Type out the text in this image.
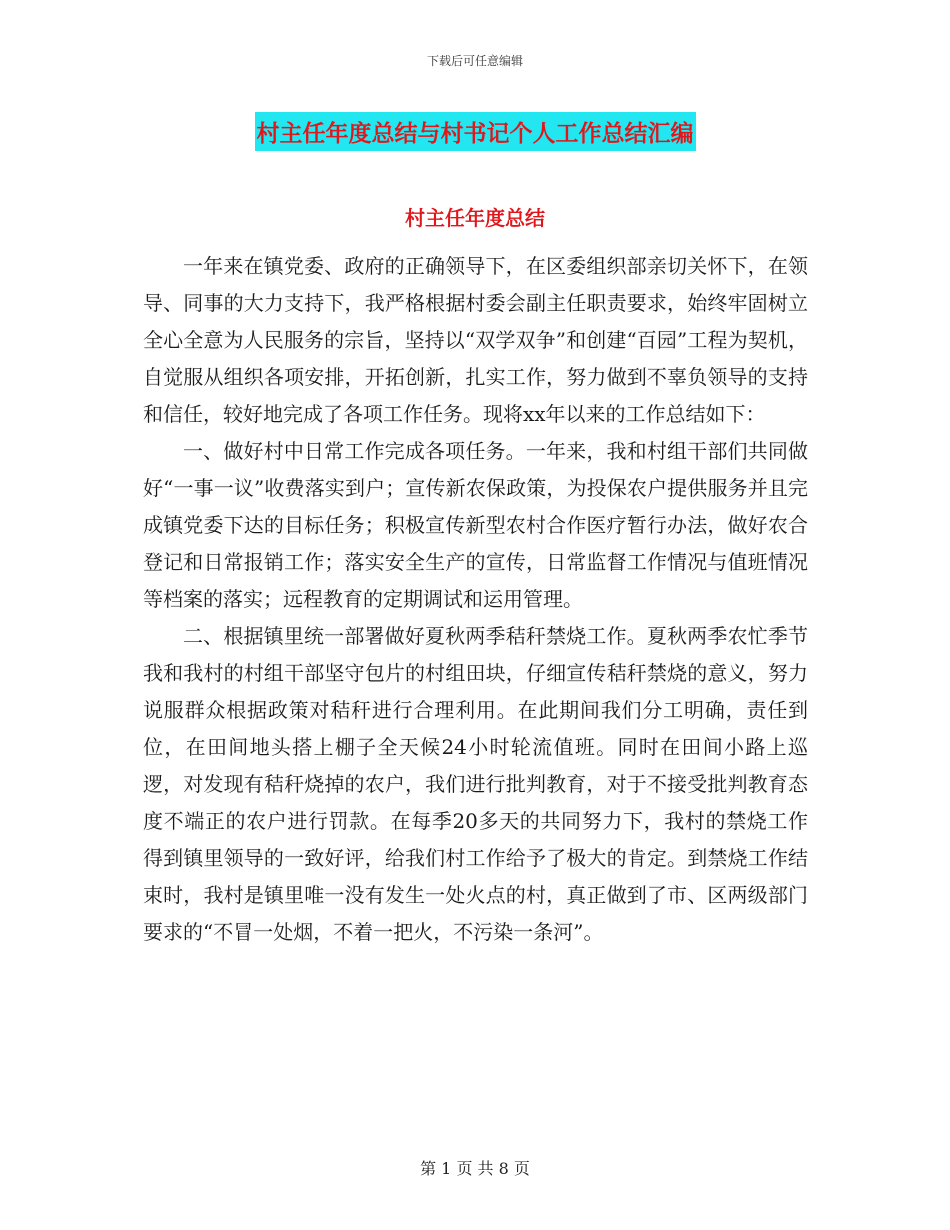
下载后可任意编辑
村主任年度总结与村书记个人工作总结汇编
村主任年度总结

一年来在镇党委、政府的正确领导下，在区委组织部亲切关怀下，在领导、同事的大力支持下，我严格根据村委会副主任职责要求，始终牢固树立全心全意为人民服务的宗旨，坚持以“双学双争”和创建“百园”工程为契机，自觉服从组织各项安排，开拓创新，扎实工作，努力做到不辜负领导的支持和信任，较好地完成了各项工作任务。现将xx年以来的工作总结如下：

一、做好村中日常工作完成各项任务。一年来，我和村组干部们共同做好“一事一议”收费落实到户；宣传新农保政策，为投保农户提供服务并且完成镇党委下达的目标任务；积极宣传新型农村合作医疗暂行办法，做好农合登记和日常报销工作；落实安全生产的宣传，日常监督工作情况与值班情况等档案的落实；远程教育的定期调试和运用管理。

二、根据镇里统一部署做好夏秋两季秸秆禁烧工作。夏秋两季农忙季节我和我村的村组干部坚守包片的村组田块，仔细宣传秸秆禁烧的意义，努力说服群众根据政策对秸秆进行合理利用。在此期间我们分工明确，责任到位，在田间地头搭上棚子全天候24小时轮流值班。同时在田间小路上巡逻，对发现有秸秆烧掉的农户，我们进行批判教育，对于不接受批判教育态度不端正的农户进行罚款。在每季20多天的共同努力下，我村的禁烧工作得到镇里领导的一致好评，给我们村工作给予了极大的肯定。到禁烧工作结束时，我村是镇里唯一没有发生一处火点的村，真正做到了市、区两级部门要求的“不冒一处烟，不着一把火，不污染一条河”。

第 1 页 共 8 页
